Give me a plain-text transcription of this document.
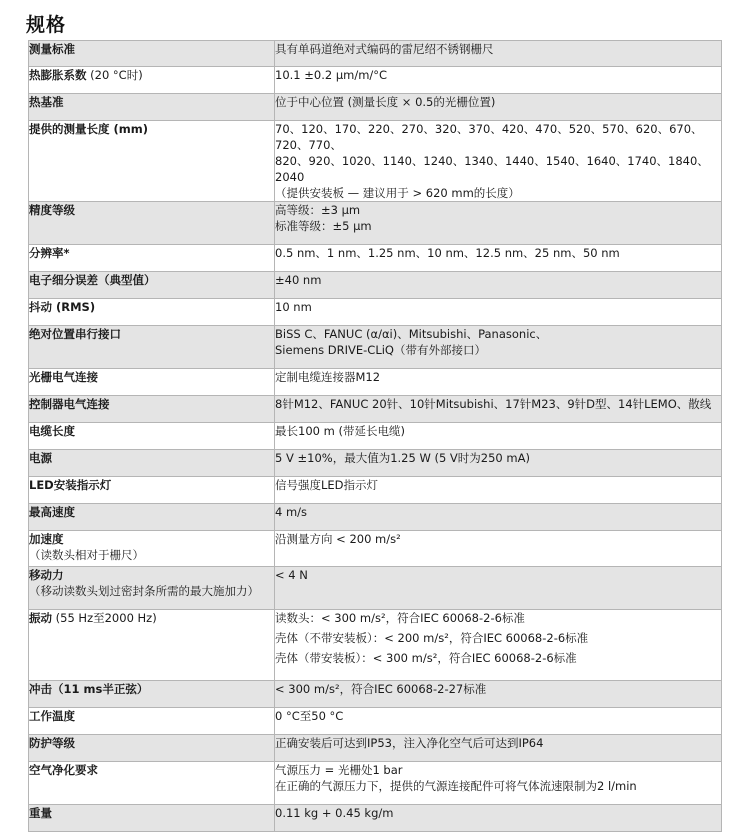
规格
测量标准	具有单码道绝对式编码的雷尼绍不锈钢栅尺

热膨胀系数 (20 °C时)	10.1 ±0.2 μm/m/°C

热基准	位于中心位置 (测量长度 × 0.5的光栅位置)

提供的测量长度 (mm)	70、120、170、220、270、320、370、420、470、520、570、620、670、720、770、
820、920、1020、1140、1240、1340、1440、1540、1640、1740、1840、2040
（提供安装板 — 建议用于 > 620 mm的长度）

精度等级	高等级：±3 μm
标准等级：±5 μm

分辨率*	0.5 nm、1 nm、1.25 nm、10 nm、12.5 nm、25 nm、50 nm

电子细分误差（典型值）	±40 nm

抖动 (RMS)	10 nm

绝对位置串行接口	BiSS C、FANUC (α/αi)、Mitsubishi、Panasonic、
Siemens DRIVE-CLiQ（带有外部接口）

光栅电气连接	定制电缆连接器M12

控制器电气连接	8针M12、FANUC 20针、10针Mitsubishi、17针M23、9针D型、14针LEMO、散线

电缆长度	最长100 m (带延长电缆)

电源	5 V ±10%，最大值为1.25 W (5 V时为250 mA)

LED安装指示灯	信号强度LED指示灯

最高速度	4 m/s

加速度
（读数头相对于栅尺）	沿测量方向 < 200 m/s²

移动力
（移动读数头划过密封条所需的最大施加力）	< 4 N

振动 (55 Hz至2000 Hz)	读数头：< 300 m/s²，符合IEC 60068-2-6标准
壳体（不带安装板）：< 200 m/s²，符合IEC 60068-2-6标准
壳体（带安装板）：< 300 m/s²，符合IEC 60068-2-6标准

冲击（11 ms半正弦）	< 300 m/s²，符合IEC 60068-2-27标准

工作温度	0 °C至50 °C

防护等级	正确安装后可达到IP53，注入净化空气后可达到IP64

空气净化要求	气源压力 = 光栅处1 bar
在正确的气源压力下，提供的气源连接配件可将气体流速限制为2 l/min

重量	0.11 kg + 0.45 kg/m
